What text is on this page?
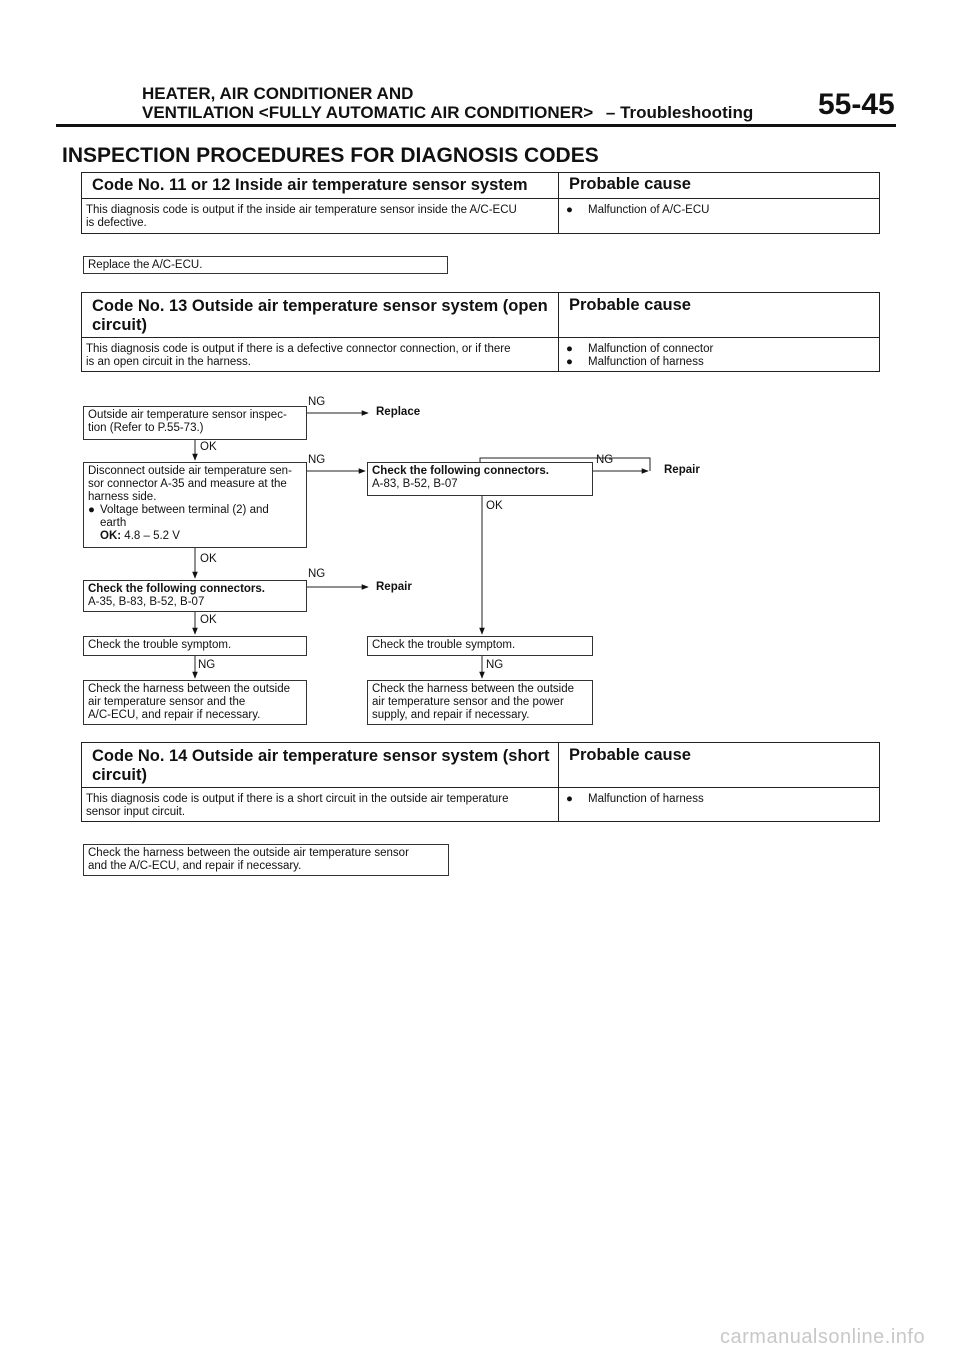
HEATER, AIR CONDITIONER AND
VENTILATION <FULLY AUTOMATIC AIR CONDITIONER> – Troubleshooting 55-45
INSPECTION PROCEDURES FOR DIAGNOSIS CODES
Code No. 11 or 12 Inside air temperature sensor system	Probable cause
This diagnosis code is output if the inside air temperature sensor inside the A/C-ECU
is defective.
● Malfunction of A/C-ECU
Replace the A/C-ECU.
Code No. 13 Outside air temperature sensor system (open
circuit)
Probable cause
This diagnosis code is output if there is a defective connector connection, or if there
is an open circuit in the harness.
● Malfunction of connector
● Malfunction of harness
Outside air temperature sensor inspec-
tion (Refer to P.55-73.)
Disconnect outside air temperature sen-
sor connector A-35 and measure at the
harness side.
● Voltage between terminal (2) and
earth
OK: 4.8 – 5.2 V
Check the following connectors.
A-35, B-83, B-52, B-07
Check the trouble symptom.
Check the harness between the outside
air temperature sensor and the
A/C-ECU, and repair if necessary.
Check the following connectors.
A-83, B-52, B-07
Check the trouble symptom.
Check the harness between the outside
air temperature sensor and the power
supply, and repair if necessary.
NG
Replace
OK
NG	NG
Repair
OK
OK
NG
Repair
OK
NG	NG
Code No. 14 Outside air temperature sensor system (short
circuit)
Probable cause
This diagnosis code is output if there is a short circuit in the outside air temperature
sensor input circuit.
● Malfunction of harness
Check the harness between the outside air temperature sensor
and the A/C-ECU, and repair if necessary.
carmanualsonline.info
